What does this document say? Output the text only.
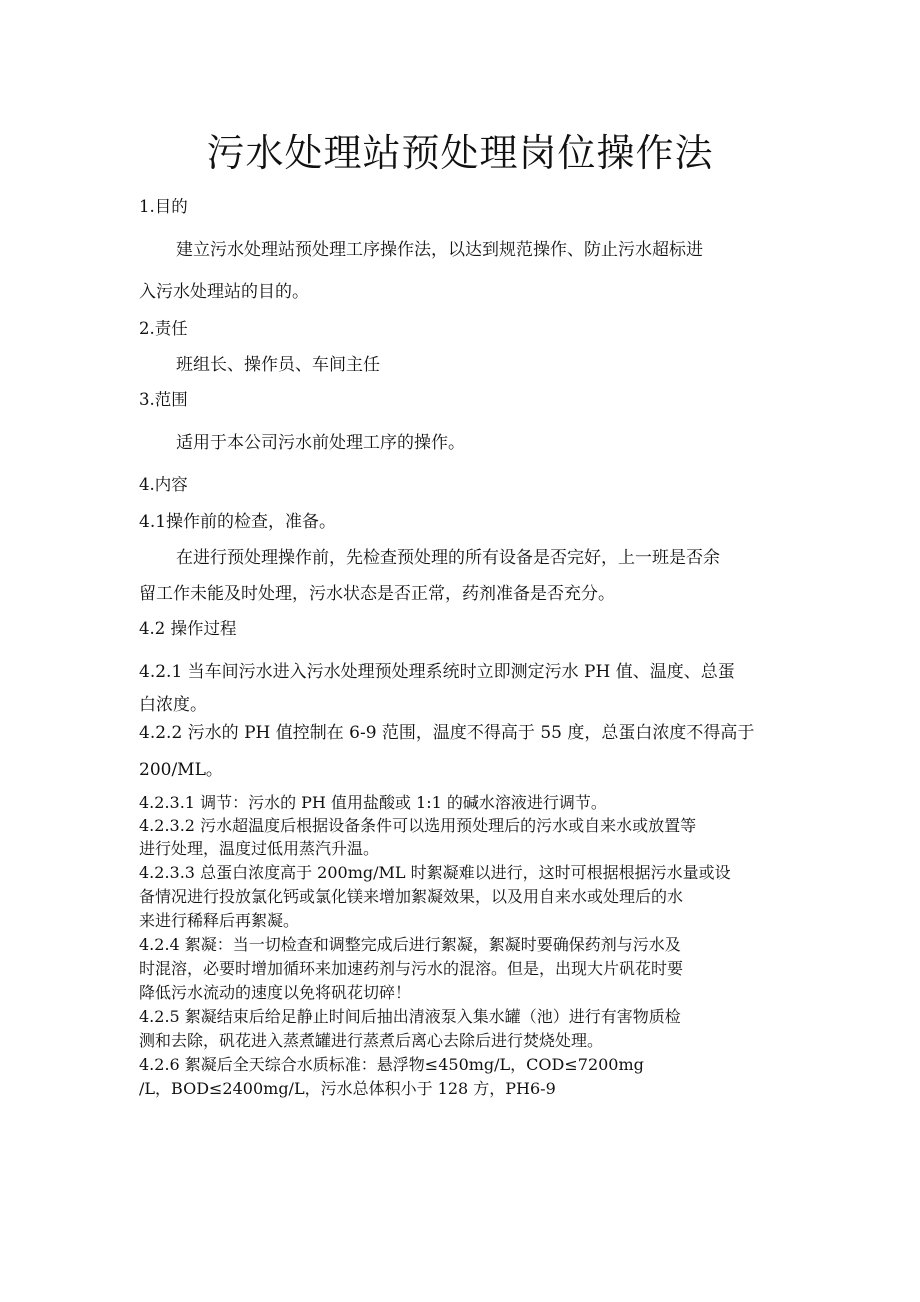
污水处理站预处理岗位操作法
1.目的
建立污水处理站预处理工序操作法，以达到规范操作、防止污水超标进
入污水处理站的目的。
2.责任
班组长、操作员、车间主任
3.范围
适用于本公司污水前处理工序的操作。
4.内容
4.1操作前的检查，准备。
在进行预处理操作前，先检查预处理的所有设备是否完好，上一班是否余
留工作未能及时处理，污水状态是否正常，药剂准备是否充分。
4.2 操作过程
4.2.1 当车间污水进入污水处理预处理系统时立即测定污水 PH 值、温度、总蛋
白浓度。
4.2.2 污水的 PH 值控制在 6-9 范围，温度不得高于 55 度，总蛋白浓度不得高于
200/ML。
4.2.3.1 调节：污水的 PH 值用盐酸或 1:1 的碱水溶液进行调节。
4.2.3.2 污水超温度后根据设备条件可以选用预处理后的污水或自来水或放置等
进行处理，温度过低用蒸汽升温。
4.2.3.3 总蛋白浓度高于 200mg/ML 时絮凝难以进行，这时可根据根据污水量或设
备情况进行投放氯化钙或氯化镁来增加絮凝效果，以及用自来水或处理后的水
来进行稀释后再絮凝。
4.2.4 絮凝：当一切检查和调整完成后进行絮凝，絮凝时要确保药剂与污水及
时混溶，必要时增加循环来加速药剂与污水的混溶。但是，出现大片矾花时要
降低污水流动的速度以免将矾花切碎！
4.2.5 絮凝结束后给足静止时间后抽出清液泵入集水罐（池）进行有害物质检
测和去除，矾花进入蒸煮罐进行蒸煮后离心去除后进行焚烧处理。
4.2.6 絮凝后全天综合水质标准：悬浮物≤450mg/L，COD≤7200mg
/L，BOD≤2400mg/L，污水总体积小于 128 方，PH6-9
